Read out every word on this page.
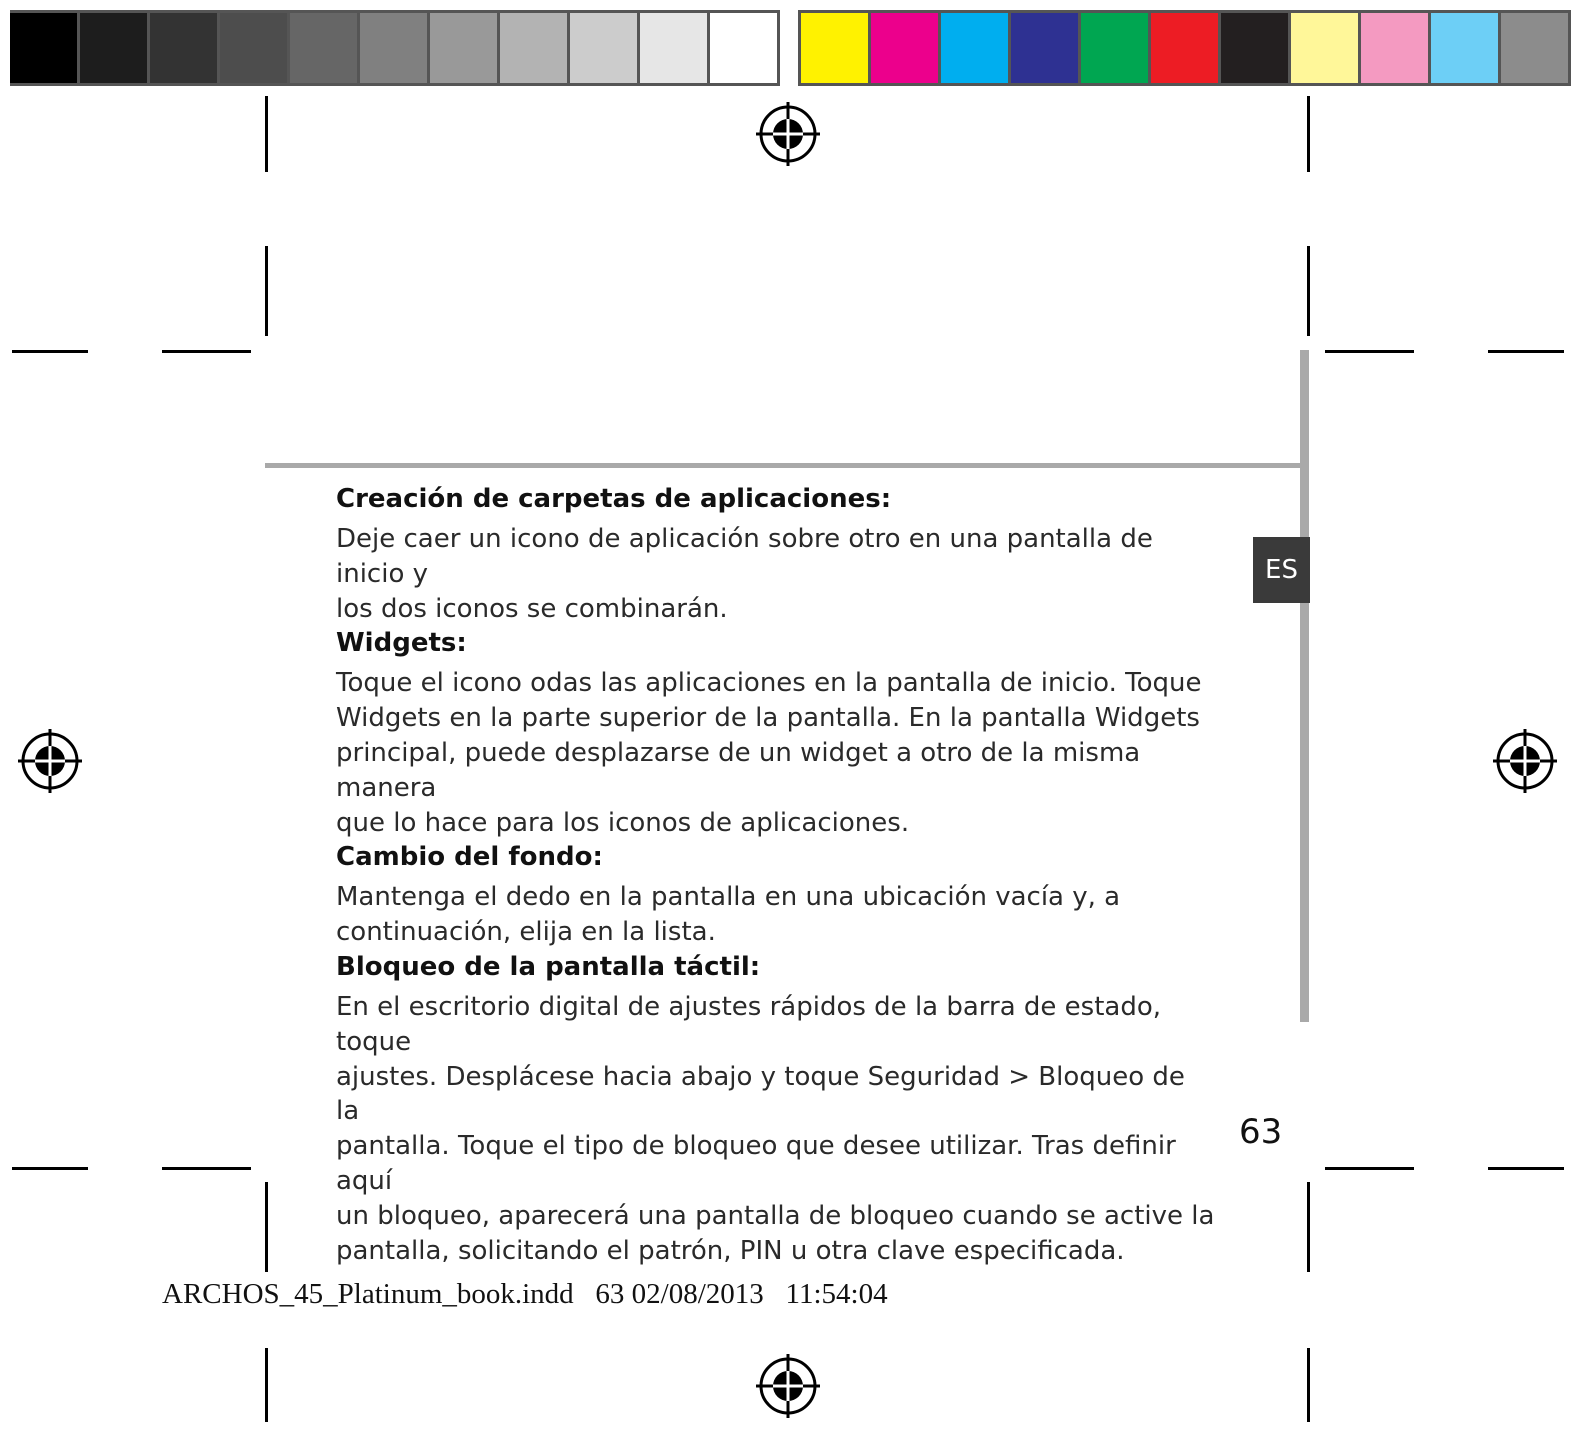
ES
Creación de carpetas de aplicaciones:
Deje caer un icono de aplicación sobre otro en una pantalla de inicio y
los dos iconos se combinarán.
Widgets:
Toque el icono odas las aplicaciones en la pantalla de inicio. Toque
Widgets en la parte superior de la pantalla. En la pantalla Widgets
principal, puede desplazarse de un widget a otro de la misma manera
que lo hace para los iconos de aplicaciones.
Cambio del fondo:
Mantenga el dedo en la pantalla en una ubicación vacía y, a
continuación, elija en la lista.
Bloqueo de la pantalla táctil:
En el escritorio digital de ajustes rápidos de la barra de estado, toque
ajustes. Desplácese hacia abajo y toque Seguridad > Bloqueo de la
pantalla. Toque el tipo de bloqueo que desee utilizar. Tras definir aquí
un bloqueo, aparecerá una pantalla de bloqueo cuando se active la
pantalla, solicitando el patrón, PIN u otra clave especificada.
63
ARCHOS_45_Platinum_book.indd   63 02/08/2013   11:54:04
